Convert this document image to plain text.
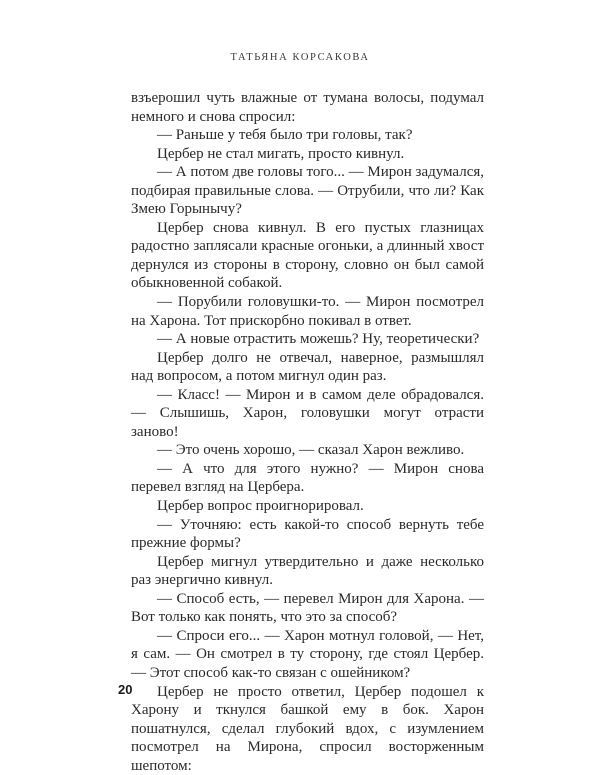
ТАТЬЯНА КОРСАКОВА

взъерошил чуть влажные от тумана волосы, подумал немного и снова спросил:

— Раньше у тебя было три головы, так?

Цербер не стал мигать, просто кивнул.

— А потом две головы того... — Мирон задумался, подбирая правильные слова. — Отрубили, что ли? Как Змею Горынычу?

Цербер снова кивнул. В его пустых глазницах радостно заплясали красные огоньки, а длинный хвост дернулся из стороны в сторону, словно он был самой обыкновенной собакой.

— Порубили головушки-то. — Мирон посмотрел на Харона. Тот прискорбно покивал в ответ.

— А новые отрастить можешь? Ну, теоретически?

Цербер долго не отвечал, наверное, размышлял над вопросом, а потом мигнул один раз.

— Класс! — Мирон и в самом деле обрадовался. — Слышишь, Харон, головушки могут отрасти заново!

— Это очень хорошо, — сказал Харон вежливо.

— А что для этого нужно? — Мирон снова перевел взгляд на Цербера.

Цербер вопрос проигнорировал.

— Уточняю: есть какой-то способ вернуть тебе прежние формы?

Цербер мигнул утвердительно и даже несколько раз энергично кивнул.

— Способ есть, — перевел Мирон для Харона. — Вот только как понять, что это за способ?

— Спроси его... — Харон мотнул головой, — Нет, я сам. — Он смотрел в ту сторону, где стоял Цербер. — Этот способ как-то связан с ошейником?

Цербер не просто ответил, Цербер подошел к Харону и ткнулся башкой ему в бок. Харон пошатнулся, сделал глубокий вдох, с изумлением посмотрел на Мирона, спросил восторженным шепотом:

20
